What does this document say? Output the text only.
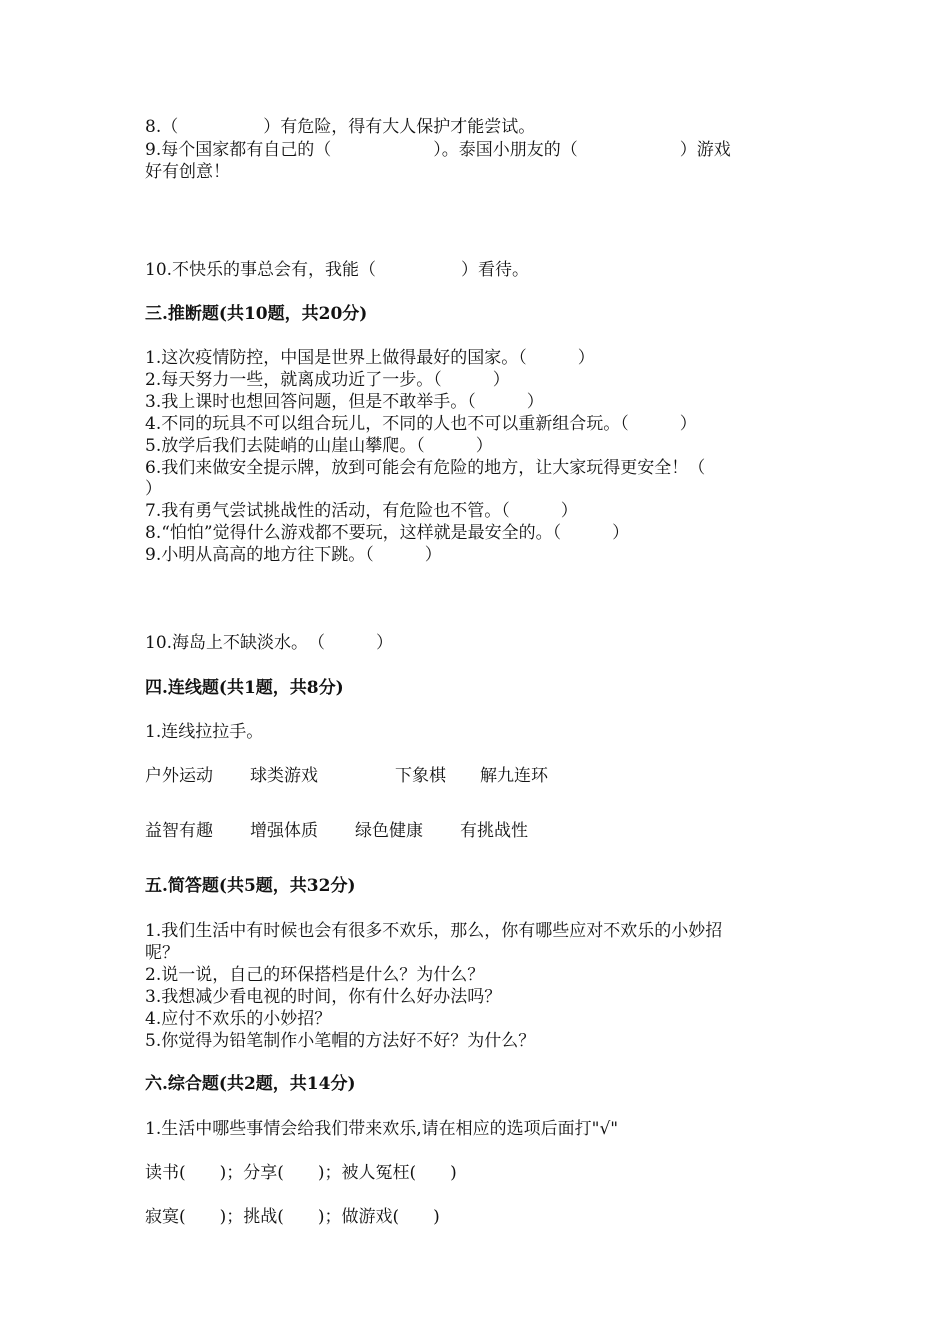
8.（　　　　　）有危险，得有大人保护才能尝试。
9.每个国家都有自己的（　　　　　　）。泰国小朋友的（　　　　　　）游戏
好有创意！
10.不快乐的事总会有，我能（　　　　　）看待。
三.推断题(共10题，共20分)
1.这次疫情防控，中国是世界上做得最好的国家。（　　　）
2.每天努力一些，就离成功近了一步。（　　　）
3.我上课时也想回答问题，但是不敢举手。（　　　）
4.不同的玩具不可以组合玩儿，不同的人也不可以重新组合玩。（　　　）
5.放学后我们去陡峭的山崖山攀爬。（　　　）
6.我们来做安全提示牌，放到可能会有危险的地方，让大家玩得更安全！（
）
7.我有勇气尝试挑战性的活动，有危险也不管。（　　　）
8.“怕怕”觉得什么游戏都不要玩，这样就是最安全的。（　　　）
9.小明从高高的地方往下跳。（　　　）
10.海岛上不缺淡水。　（　　　）
四.连线题(共1题，共8分)
1.连线拉拉手。
户外运动 球类游戏	下象棋 解九连环
益智有趣 增强体质 绿色健康 有挑战性
五.简答题(共5题，共32分)
1.我们生活中有时候也会有很多不欢乐，那么，你有哪些应对不欢乐的小妙招
呢？
2.说一说，自己的环保搭档是什么？为什么？
3.我想减少看电视的时间，你有什么好办法吗？
4.应付不欢乐的小妙招？
5.你觉得为铅笔制作小笔帽的方法好不好？为什么？
六.综合题(共2题，共14分)
1.生活中哪些事情会给我们带来欢乐,请在相应的选项后面打"√"
读书(　　)；分享(　　)；被人冤枉(　　)
寂寞(　　)；挑战(　　)；做游戏(　　)
